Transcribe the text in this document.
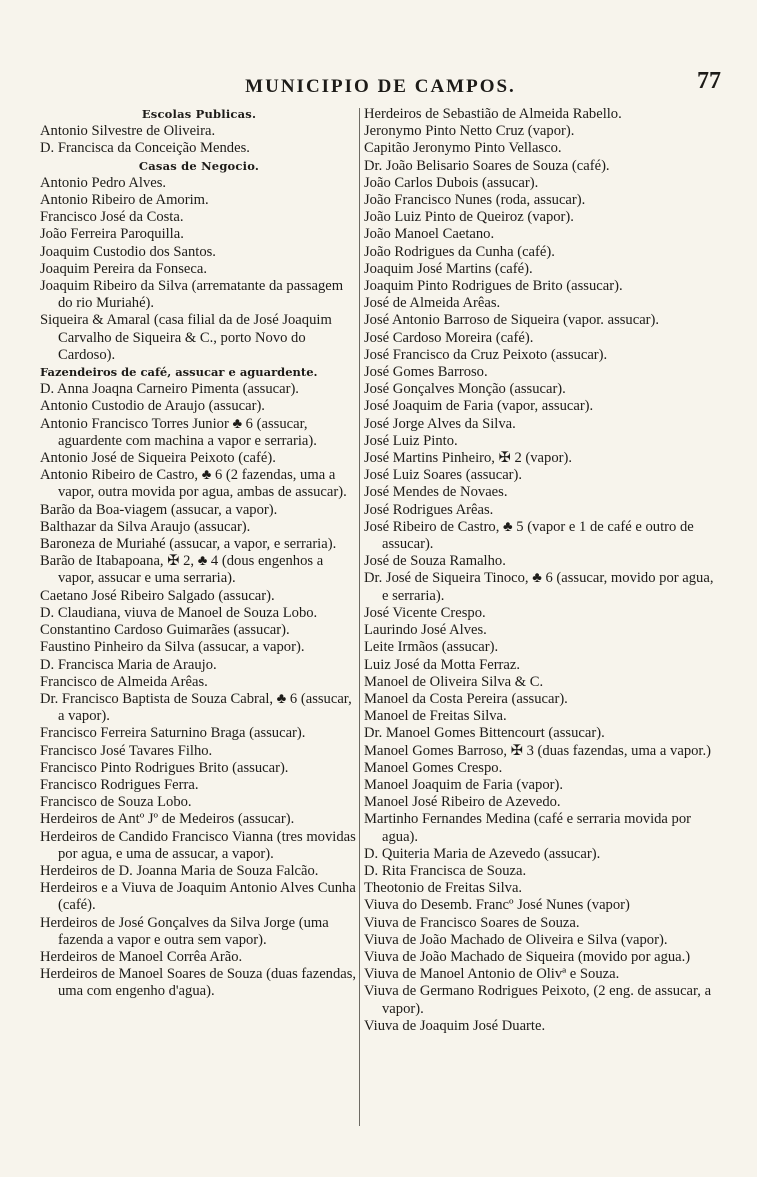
MUNICIPIO DE CAMPOS.	77

Escolas Publicas.

Antonio Silvestre de Oliveira.

D. Francisca da Conceição Mendes.

Casas de Negocio.

Antonio Pedro Alves.

Antonio Ribeiro de Amorim.

Francisco José da Costa.

João Ferreira Paroquilla.

Joaquim Custodio dos Santos.

Joaquim Pereira da Fonseca.

Joaquim Ribeiro da Silva (arrematante da passagem do rio Muriahé).

Siqueira & Amaral (casa filial da de José Joaquim Carvalho de Siqueira & C., porto Novo do Cardoso).

Fazendeiros de café, assucar e aguardente.

D. Anna Joaqna Carneiro Pimenta (assucar).

Antonio Custodio de Araujo (assucar).

Antonio Francisco Torres Junior ♣ 6 (assucar, aguardente com machina a vapor e serraria).

Antonio José de Siqueira Peixoto (café).

Antonio Ribeiro de Castro, ♣ 6 (2 fazendas, uma a vapor, outra movida por agua, ambas de assucar).

Barão da Boa-viagem (assucar, a vapor).

Balthazar da Silva Araujo (assucar).

Baroneza de Muriahé (assucar, a vapor, e serraria).

Barão de Itabapoana, ✠ 2, ♣ 4 (dous engenhos a vapor, assucar e uma serraria).

Caetano José Ribeiro Salgado (assucar).

D. Claudiana, viuva de Manoel de Souza Lobo.

Constantino Cardoso Guimarães (assucar).

Faustino Pinheiro da Silva (assucar, a vapor).

D. Francisca Maria de Araujo.

Francisco de Almeida Arêas.

Dr. Francisco Baptista de Souza Cabral, ♣ 6 (assucar, a vapor).

Francisco Ferreira Saturnino Braga (assucar).

Francisco José Tavares Filho.

Francisco Pinto Rodrigues Brito (assucar).

Francisco Rodrigues Ferra.

Francisco de Souza Lobo.

Herdeiros de Antº Jº de Medeiros (assucar).

Herdeiros de Candido Francisco Vianna (tres movidas por agua, e uma de assucar, a vapor).

Herdeiros de D. Joanna Maria de Souza Falcão.

Herdeiros e a Viuva de Joaquim Antonio Alves Cunha (café).

Herdeiros de José Gonçalves da Silva Jorge (uma fazenda a vapor e outra sem vapor).

Herdeiros de Manoel Corrêa Arão.

Herdeiros de Manoel Soares de Souza (duas fazendas, uma com engenho d'agua).

Herdeiros de Sebastião de Almeida Rabello.

Jeronymo Pinto Netto Cruz (vapor).

Capitão Jeronymo Pinto Vellasco.

Dr. João Belisario Soares de Souza (café).

João Carlos Dubois (assucar).

João Francisco Nunes (roda, assucar).

João Luiz Pinto de Queiroz (vapor).

João Manoel Caetano.

João Rodrigues da Cunha (café).

Joaquim José Martins (café).

Joaquim Pinto Rodrigues de Brito (assucar).

José de Almeida Arêas.

José Antonio Barroso de Siqueira (vapor. assucar).

José Cardoso Moreira (café).

José Francisco da Cruz Peixoto (assucar).

José Gomes Barroso.

José Gonçalves Monção (assucar).

José Joaquim de Faria (vapor, assucar).

José Jorge Alves da Silva.

José Luiz Pinto.

José Martins Pinheiro, ✠ 2 (vapor).

José Luiz Soares (assucar).

José Mendes de Novaes.

José Rodrigues Arêas.

José Ribeiro de Castro, ♣ 5 (vapor e 1 de café e outro de assucar).

José de Souza Ramalho.

Dr. José de Siqueira Tinoco, ♣ 6 (assucar, movido por agua, e serraria).

José Vicente Crespo.

Laurindo José Alves.

Leite Irmãos (assucar).

Luiz José da Motta Ferraz.

Manoel de Oliveira Silva & C.

Manoel da Costa Pereira (assucar).

Manoel de Freitas Silva.

Dr. Manoel Gomes Bittencourt (assucar).

Manoel Gomes Barroso, ✠ 3 (duas fazendas, uma a vapor.)

Manoel Gomes Crespo.

Manoel Joaquim de Faria (vapor).

Manoel José Ribeiro de Azevedo.

Martinho Fernandes Medina (café e serraria movida por agua).

D. Quiteria Maria de Azevedo (assucar).

D. Rita Francisca de Souza.

Theotonio de Freitas Silva.

Viuva do Desemb. Francº José Nunes (vapor)

Viuva de Francisco Soares de Souza.

Viuva de João Machado de Oliveira e Silva (vapor).

Viuva de João Machado de Siqueira (movido por agua.)

Viuva de Manoel Antonio de Olivª e Souza.

Viuva de Germano Rodrigues Peixoto, (2 eng. de assucar, a vapor).

Viuva de Joaquim José Duarte.
